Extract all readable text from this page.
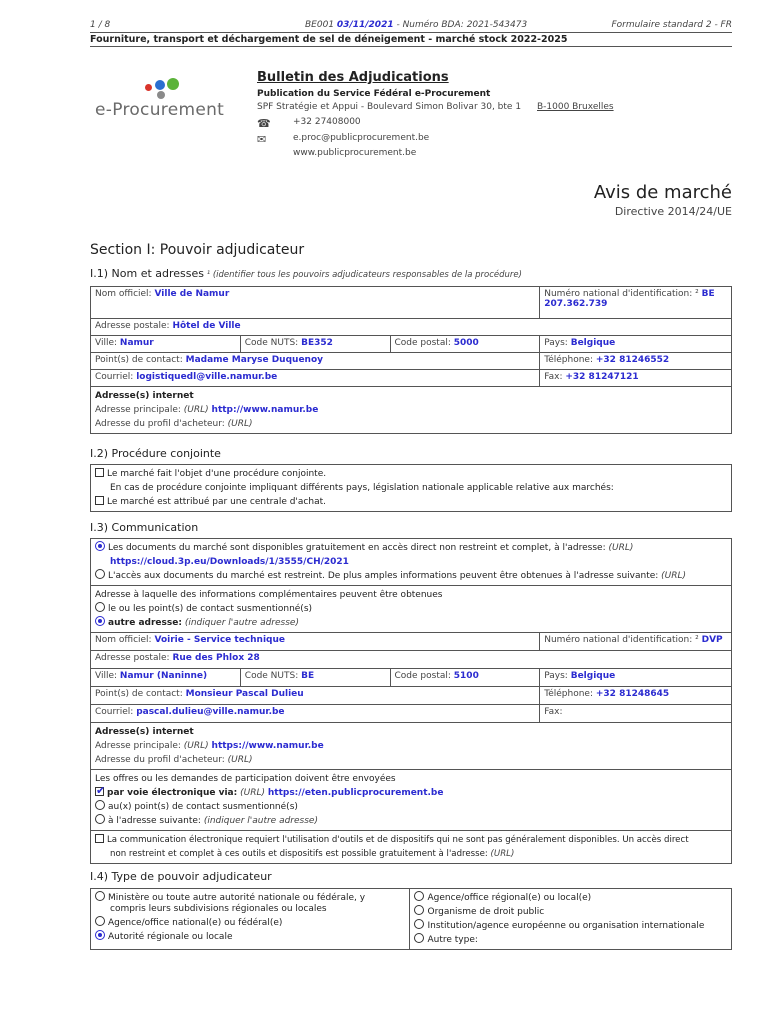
1 / 8	BE001 03/11/2021 - Numéro BDA: 2021-543473	Formulaire standard 2 - FR
Fourniture, transport et déchargement de sel de déneigement - marché stock 2022-2025
e-Procurement
Bulletin des Adjudications
Publication du Service Fédéral e-Procurement
SPF Stratégie et Appui - Boulevard Simon Bolivar 30, bte 1 B-1000 Bruxelles
☎ +32 27408000
✉	e.proc@publicprocurement.be
www.publicprocurement.be
Avis de marché
Directive 2014/24/UE
Section I: Pouvoir adjudicateur
I.1) Nom et adresses ¹ (identifier tous les pouvoirs adjudicateurs responsables de la procédure)
Nom officiel: Ville de Namur			Numéro national d'identification: ² BE 207.362.739
Adresse postale: Hôtel de Ville			
Ville: Namur	Code NUTS: BE352	Code postal: 5000	Pays: Belgique
Point(s) de contact: Madame Maryse Duquenoy			Téléphone: +32 81246552
Courriel: logistiquedl@ville.namur.be			Fax: +32 81247121

Adresse(s) internet
Adresse principale: (URL) http://www.namur.be
Adresse du profil d'acheteur: (URL)			
I.2) Procédure conjointe
Le marché fait l'objet d'une procédure conjointe.
En cas de procédure conjointe impliquant différents pays, législation nationale applicable relative aux marchés:
Le marché est attribué par une centrale d'achat.
I.3) Communication
Les documents du marché sont disponibles gratuitement en accès direct non restreint et complet, à l'adresse: (URL)
https://cloud.3p.eu/Downloads/1/3555/CH/2021
L'accès aux documents du marché est restreint. De plus amples informations peuvent être obtenues à l'adresse suivante: (URL)			

Adresse à laquelle des informations complémentaires peuvent être obtenues
le ou les point(s) de contact susmentionné(s)
autre adresse: (indiquer l'autre adresse)			

Nom officiel: Voirie - Service technique			Numéro national d'identification: ² DVP
Adresse postale: Rue des Phlox 28			
Ville: Namur (Naninne)	Code NUTS: BE	Code postal: 5100	Pays: Belgique
Point(s) de contact: Monsieur Pascal Dulieu			Téléphone: +32 81248645
Courriel: pascal.dulieu@ville.namur.be			Fax:

Adresse(s) internet
Adresse principale: (URL) https://www.namur.be
Adresse du profil d'acheteur: (URL)			

Les offres ou les demandes de participation doivent être envoyées
✔par voie électronique via: (URL) https://eten.publicprocurement.be
au(x) point(s) de contact susmentionné(s)
à l'adresse suivante: (indiquer l'autre adresse)

La communication électronique requiert l'utilisation d'outils et de dispositifs qui ne sont pas généralement disponibles. Un accès direct
non restreint et complet à ces outils et dispositifs est possible gratuitement à l'adresse: (URL)			
I.4) Type de pouvoir adjudicateur
Ministère ou toute autre autorité nationale ou fédérale, y
compris leurs subdivisions régionales ou locales
Agence/office national(e) ou fédéral(e)
Autorité régionale ou locale

Agence/office régional(e) ou local(e)
Organisme de droit public
Institution/agence européenne ou organisation internationale
Autre type:
